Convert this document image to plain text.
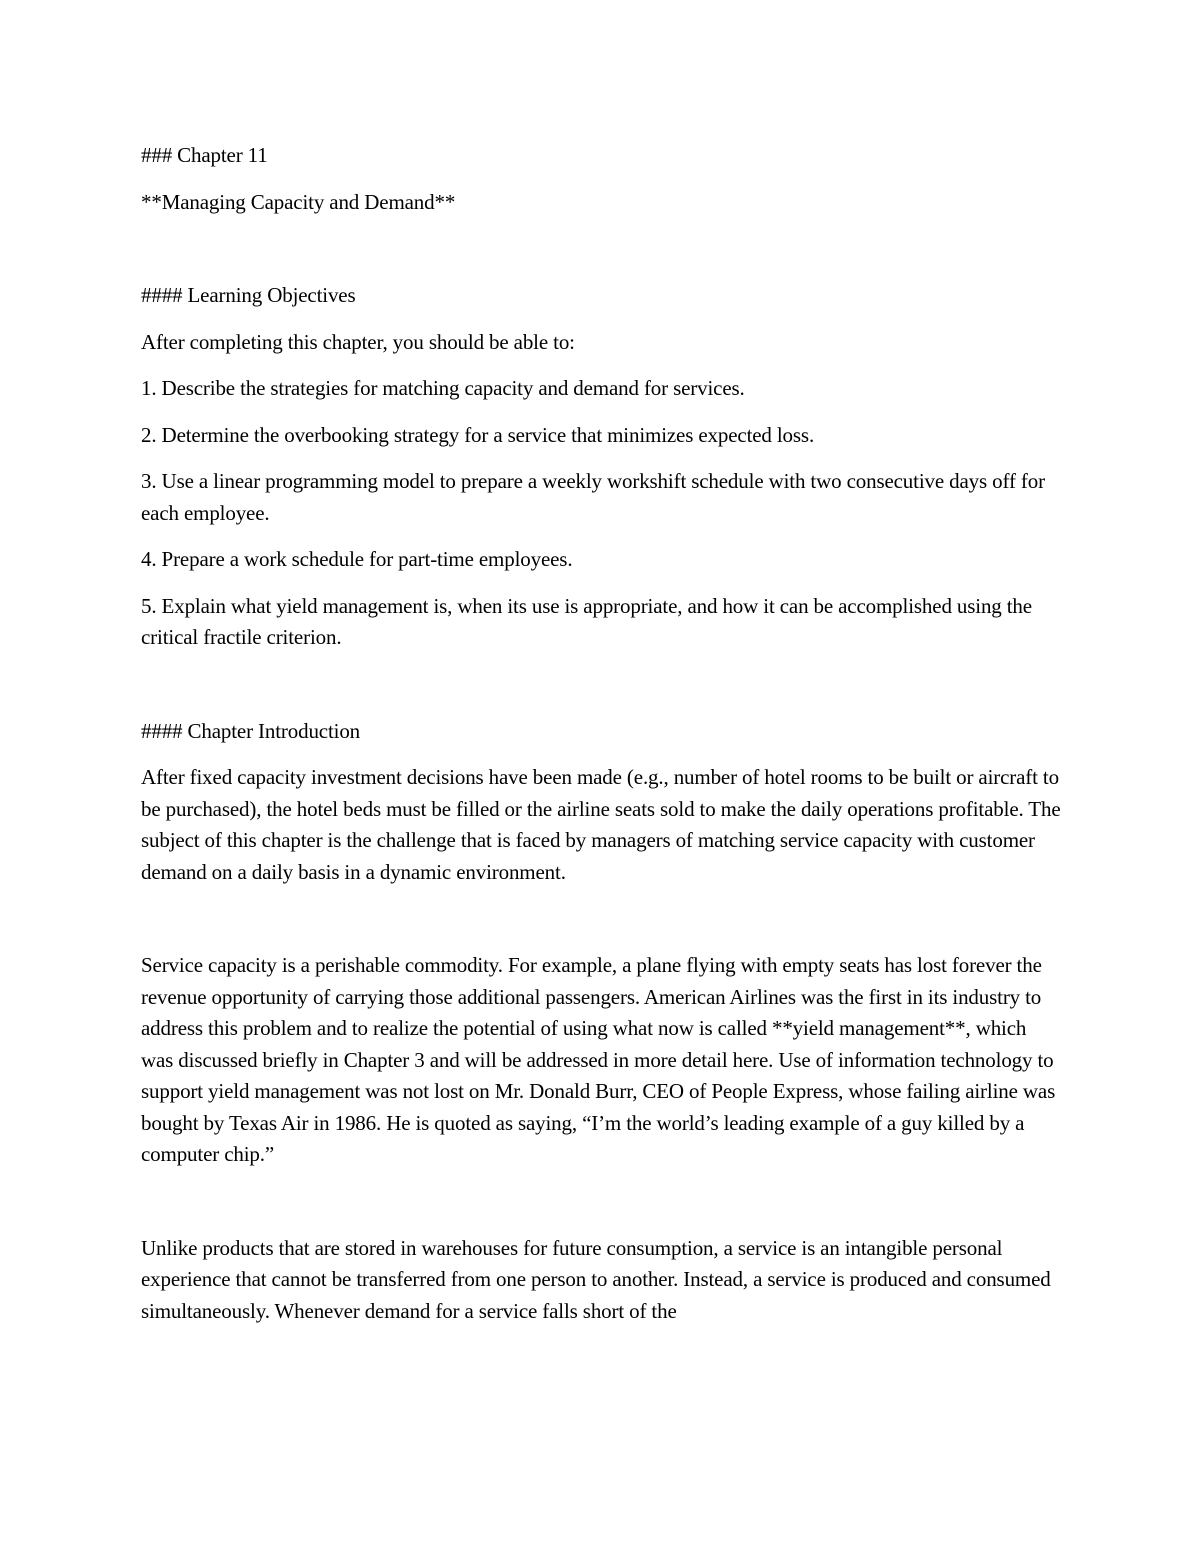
### Chapter 11

**Managing Capacity and Demand**

#### Learning Objectives

After completing this chapter, you should be able to:

1. Describe the strategies for matching capacity and demand for services.
2. Determine the overbooking strategy for a service that minimizes expected loss.
3. Use a linear programming model to prepare a weekly workshift schedule with two consecutive days off for each employee.
4. Prepare a work schedule for part-time employees.
5. Explain what yield management is, when its use is appropriate, and how it can be accomplished using the critical fractile criterion.

#### Chapter Introduction

After fixed capacity investment decisions have been made (e.g., number of hotel rooms to be built or aircraft to be purchased), the hotel beds must be filled or the airline seats sold to make the daily operations profitable. The subject of this chapter is the challenge that is faced by managers of matching service capacity with customer demand on a daily basis in a dynamic environment.

Service capacity is a perishable commodity. For example, a plane flying with empty seats has lost forever the revenue opportunity of carrying those additional passengers. American Airlines was the first in its industry to address this problem and to realize the potential of using what now is called **yield management**, which was discussed briefly in Chapter 3 and will be addressed in more detail here. Use of information technology to support yield management was not lost on Mr. Donald Burr, CEO of People Express, whose failing airline was bought by Texas Air in 1986. He is quoted as saying, “I’m the world’s leading example of a guy killed by a computer chip.”

Unlike products that are stored in warehouses for future consumption, a service is an intangible personal experience that cannot be transferred from one person to another. Instead, a service is produced and consumed simultaneously. Whenever demand for a service falls short of the
